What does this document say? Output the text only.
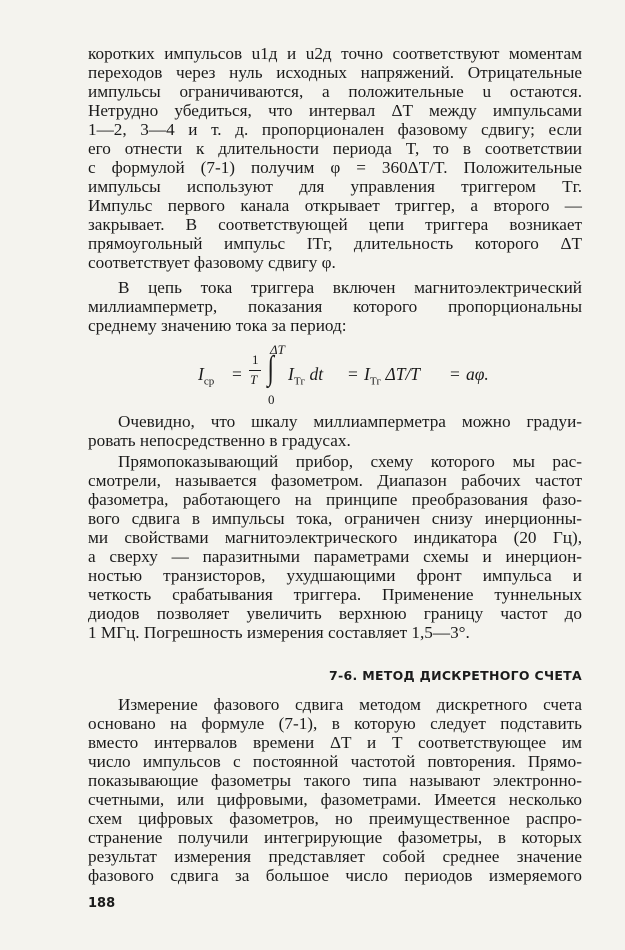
коротких импульсов u1д и u2д точно соответствуют моментам
переходов через нуль исходных напряжений. Отрицательные
импульсы ограничиваются, а положительные u остаются.
Нетрудно убедиться, что интервал ΔT между импульсами
1—2, 3—4 и т. д. пропорционален фазовому сдвигу; если
его отнести к длительности периода T, то в соответствии
с формулой (7-1) получим φ = 360ΔT/T. Положительные
импульсы используют для управления триггером Тг.
Импульс первого канала открывает триггер, а второго —
закрывает. В соответствующей цепи триггера возникает
прямоугольный импульс IТг, длительность которого ΔT
соответствует фазовому сдвигу φ.
В цепь тока триггера включен магнитоэлектрический
миллиамперметр, показания которого пропорциональны
среднему значению тока за период:
$I_{ср}$ =
1
T
ΔT
∫
0
$I_{Тг}$ dt = $I_{Тг}$ ΔT/T = aφ.
Очевидно, что шкалу миллиамперметра можно градуи-
ровать непосредственно в градусах.
Прямопоказывающий прибор, схему которого мы рас-
смотрели, называется фазометром. Диапазон рабочих частот
фазометра, работающего на принципе преобразования фазо-
вого сдвига в импульсы тока, ограничен снизу инерционны-
ми свойствами магнитоэлектрического индикатора (20 Гц),
а сверху — паразитными параметрами схемы и инерцион-
ностью транзисторов, ухудшающими фронт импульса и
четкость срабатывания триггера. Применение туннельных
диодов позволяет увеличить верхнюю границу частот до
1 МГц. Погрешность измерения составляет 1,5—3°.
7-6. МЕТОД ДИСКРЕТНОГО СЧЕТА
Измерение фазового сдвига методом дискретного счета
основано на формуле (7-1), в которую следует подставить
вместо интервалов времени ΔT и T соответствующее им
число импульсов с постоянной частотой повторения. Прямо-
показывающие фазометры такого типа называют электронно-
счетными, или цифровыми, фазометрами. Имеется несколько
схем цифровых фазометров, но преимущественное распро-
странение получили интегрирующие фазометры, в которых
результат измерения представляет собой среднее значение
фазового сдвига за большое число периодов измеряемого
188
